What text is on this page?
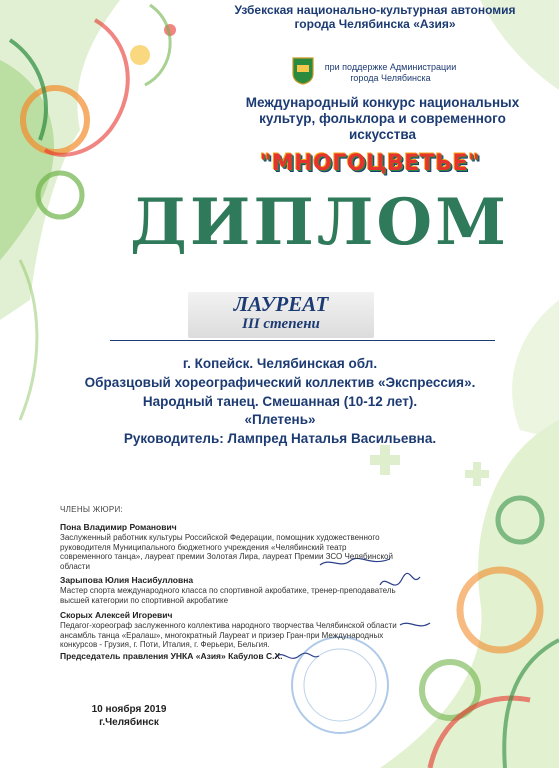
Узбекская национально-культурная автономия города Челябинска «Азия»
при поддержке Администрации города Челябинска
Международный конкурс национальных культур, фольклора и современного искусства
"МНОГОЦВЕТЬЕ"
ДИПЛОМ
ЛАУРЕАТ
III степени
г. Копейск. Челябинская обл.
Образцовый хореографический коллектив «Экспрессия».
Народный танец. Смешанная (10-12 лет).
«Плетень»
Руководитель: Лампред Наталья Васильевна.
ЧЛЕНЫ ЖЮРИ:
Пона Владимир Романович
Заслуженный работник культуры Российской Федерации, помощник художественного руководителя Муниципального бюджетного учреждения «Челябинский театр современного танца», лауреат премии Золотая Лира, лауреат Премии ЗСО Челябинской области
Зарыпова Юлия Насибулловна
Мастер спорта международного класса по спортивной акробатике, тренер-преподаватель высшей категории по спортивной акробатике
Скорых Алексей Игоревич
Педагог-хореограф заслуженного коллектива народного творчества Челябинской области ансамбль танца «Ералаш», многократный Лауреат и призер Гран-при Международных конкурсов - Грузия, г. Поти, Италия, г. Ферьери, Бельгия.
Председатель правления УНКА «Азия» Кабулов С.Х.
10 ноября 2019
г.Челябинск
